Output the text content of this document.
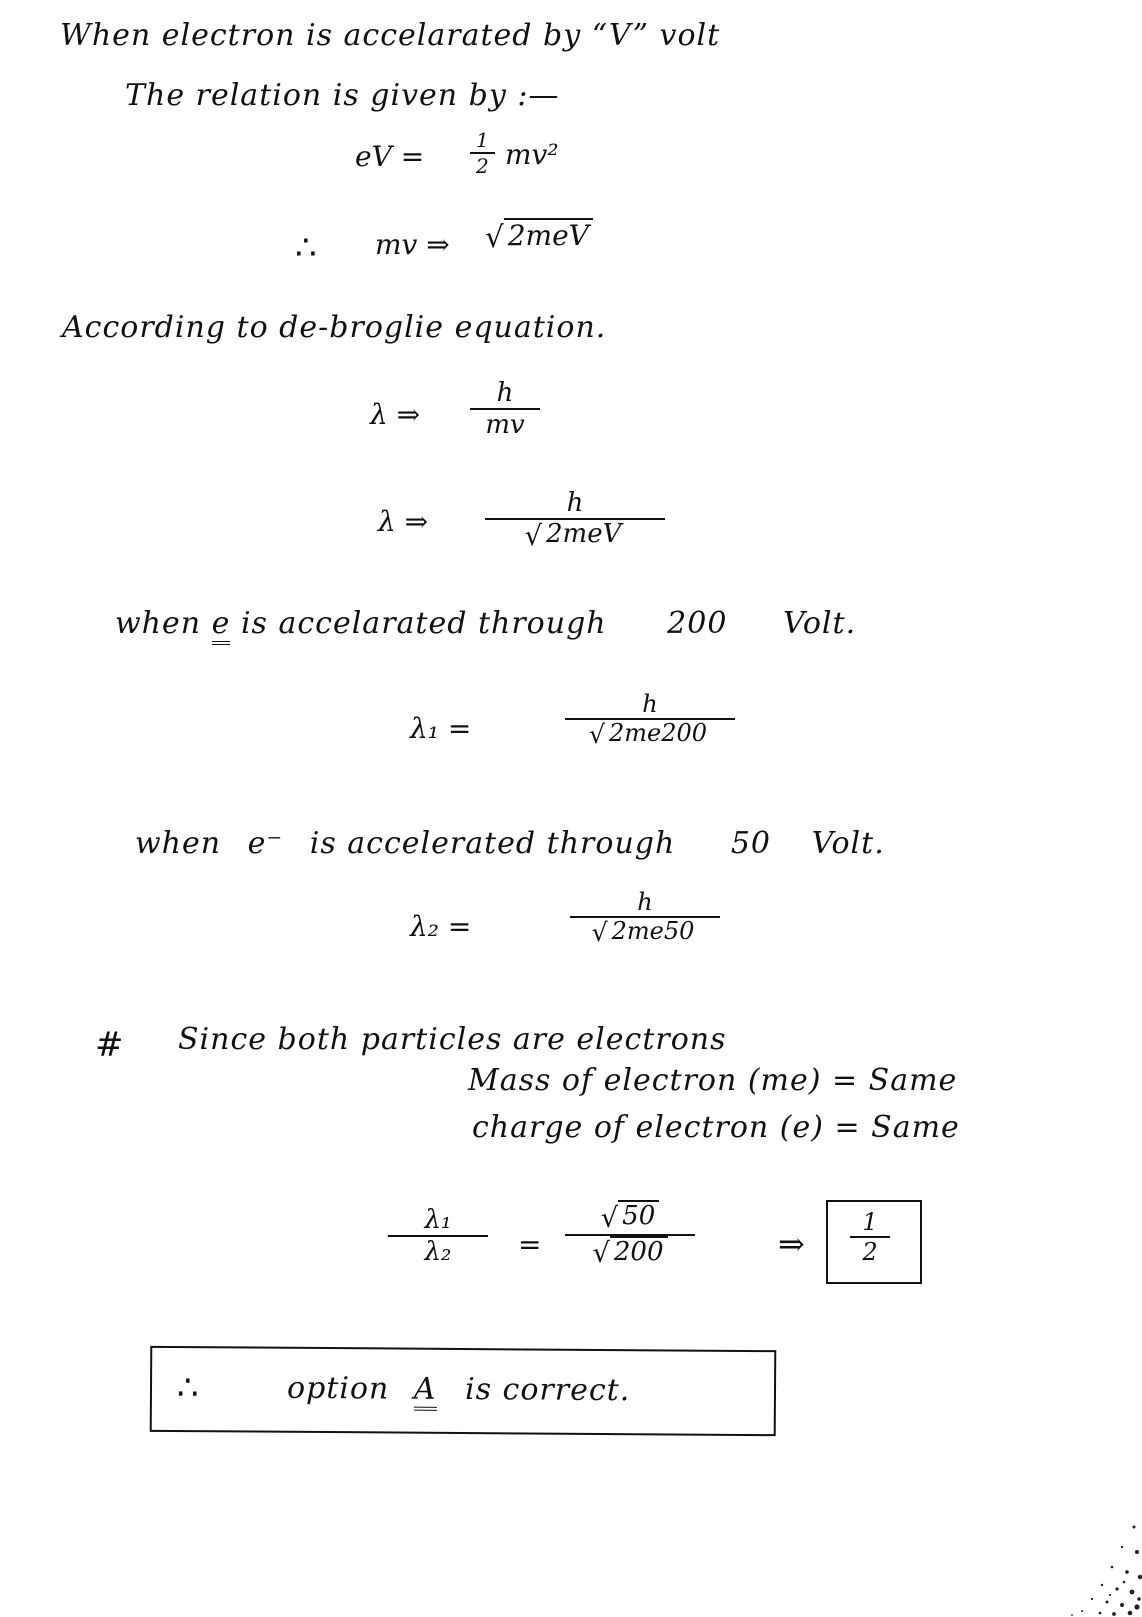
When electron is accelarated by “V” volt
The relation is given by :—
eV =	1
2 mv²
∴ mv ⇒ √ 2meV
According to de-broglie equation.
λ ⇒
h
mv
λ ⇒
h
√ 2meV
when e is accelarated through 200 Volt.
λ₁ =
h
√ 2me200
when e⁻ is accelerated through 50 Volt.
λ₂ =
h
√ 2me50
# Since both particles are electrons
Mass of electron (me) = Same
charge of electron (e) = Same
λ₁
λ₂ =
√ 50
√ 200	⇒
1
2
∴	option A is correct.
